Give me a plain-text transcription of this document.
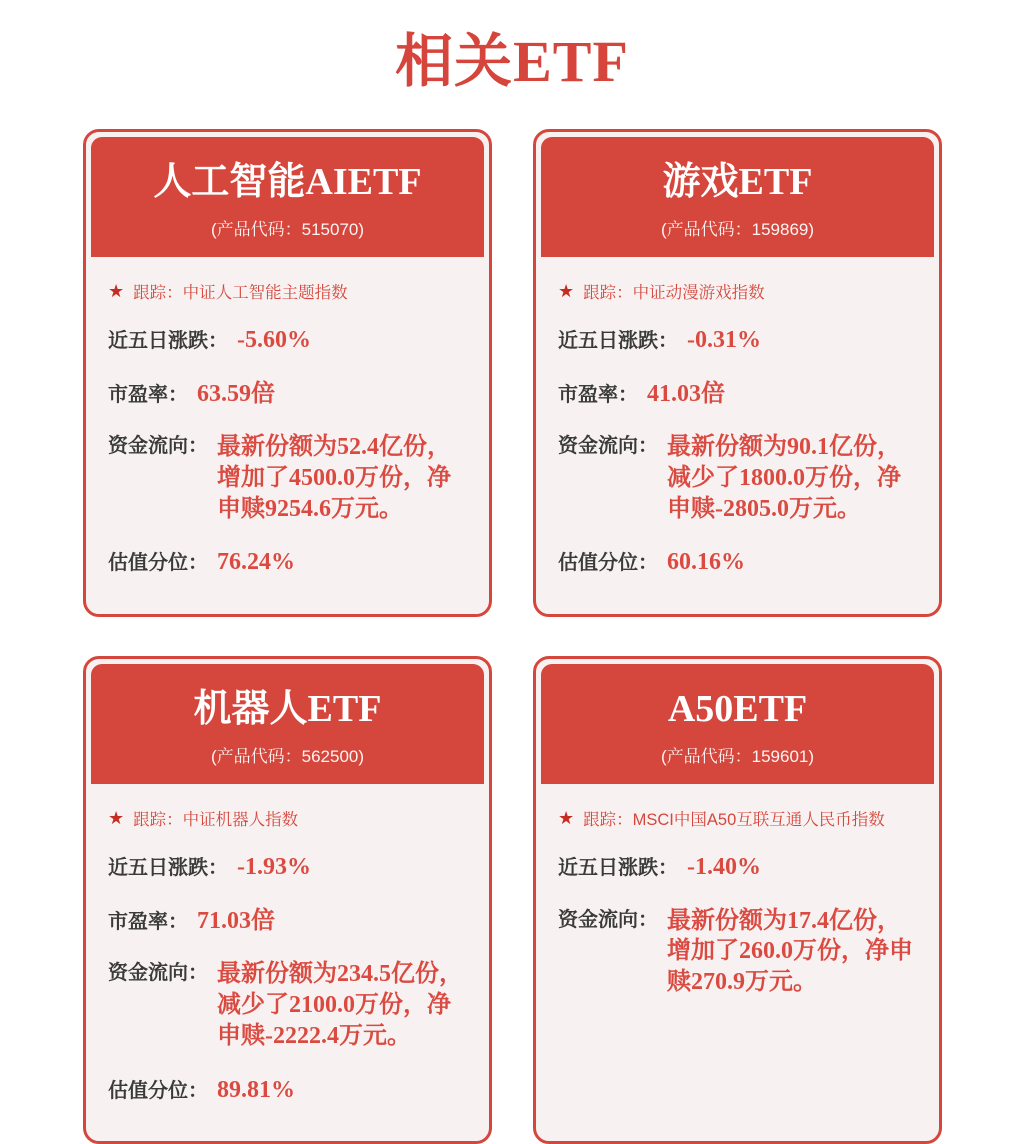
相关ETF
人工智能AIETF
(产品代码：515070)
★ 跟踪： 中证人工智能主题指数
近五日涨跌： -5.60%
市盈率： 63.59倍
资金流向： 最新份额为52.4亿份，增加了4500.0万份，净申赎9254.6万元。
估值分位： 76.24%
游戏ETF
(产品代码：159869)
★ 跟踪： 中证动漫游戏指数
近五日涨跌： -0.31%
市盈率： 41.03倍
资金流向： 最新份额为90.1亿份，减少了1800.0万份，净申赎-2805.0万元。
估值分位： 60.16%
机器人ETF
(产品代码：562500)
★ 跟踪： 中证机器人指数
近五日涨跌： -1.93%
市盈率： 71.03倍
资金流向： 最新份额为234.5亿份，减少了2100.0万份，净申赎-2222.4万元。
估值分位： 89.81%
A50ETF
(产品代码：159601)
★ 跟踪： MSCI中国A50互联互通人民币指数
近五日涨跌： -1.40%
资金流向： 最新份额为17.4亿份，增加了260.0万份，净申赎270.9万元。
